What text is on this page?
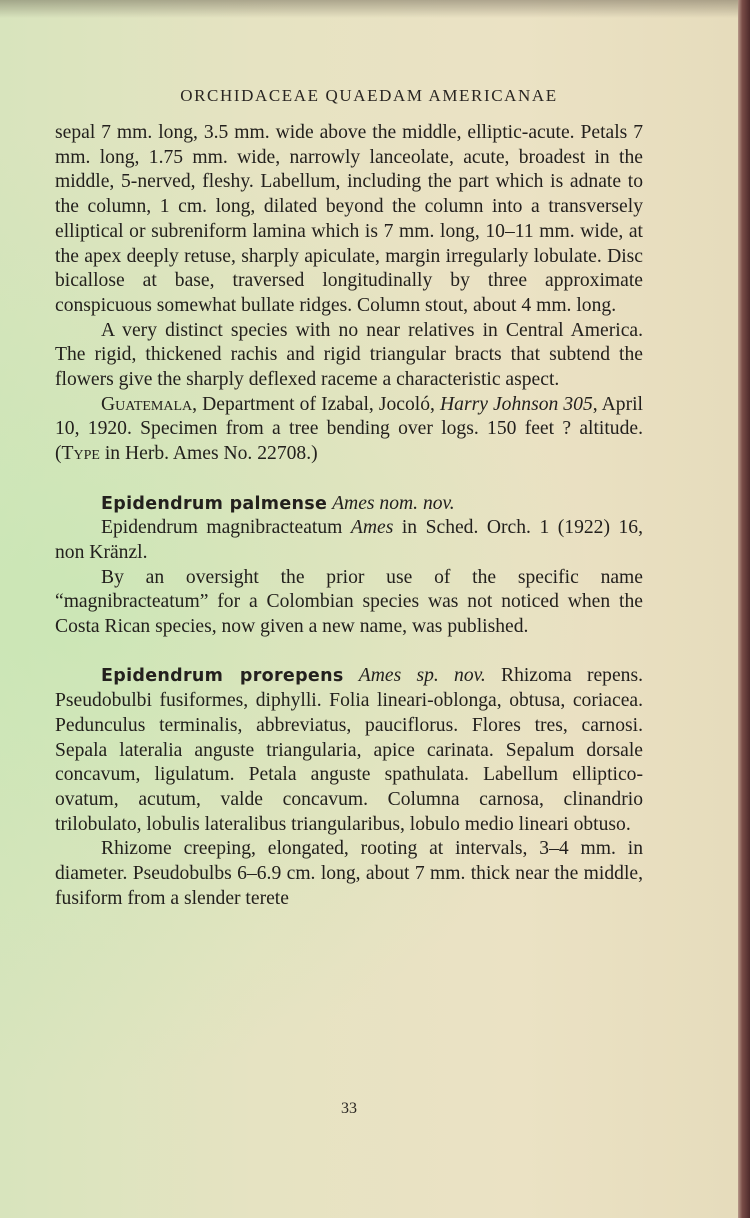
ORCHIDACEAE QUAEDAM AMERICANAE

sepal 7 mm. long, 3.5 mm. wide above the middle, elliptic-acute. Petals 7 mm. long, 1.75 mm. wide, narrowly lanceolate, acute, broadest in the middle, 5-nerved, fleshy. Labellum, including the part which is adnate to the column, 1 cm. long, dilated beyond the column into a transversely elliptical or subreniform lamina which is 7 mm. long, 10–11 mm. wide, at the apex deeply retuse, sharply apiculate, margin irregularly lobulate. Disc bicallose at base, traversed longitudinally by three approximate conspicuous somewhat bullate ridges. Column stout, about 4 mm. long.

A very distinct species with no near relatives in Central America. The rigid, thickened rachis and rigid triangular bracts that subtend the flowers give the sharply deflexed raceme a characteristic aspect.

Guatemala, Department of Izabal, Jocoló, Harry Johnson 305, April 10, 1920. Specimen from a tree bending over logs. 150 feet ? altitude. (Type in Herb. Ames No. 22708.)

Epidendrum palmense Ames nom. nov.

Epidendrum magnibracteatum Ames in Sched. Orch. 1 (1922) 16, non Kränzl.

By an oversight the prior use of the specific name “magnibracteatum” for a Colombian species was not noticed when the Costa Rican species, now given a new name, was published.

Epidendrum prorepens Ames sp. nov. Rhizoma repens. Pseudobulbi fusiformes, diphylli. Folia lineari-oblonga, obtusa, coriacea. Pedunculus terminalis, abbreviatus, pauciflorus. Flores tres, carnosi. Sepala lateralia anguste triangularia, apice carinata. Sepalum dorsale concavum, ligulatum. Petala anguste spathulata. Labellum elliptico-ovatum, acutum, valde concavum. Columna carnosa, clinandrio trilobulato, lobulis lateralibus triangularibus, lobulo medio lineari obtuso.

Rhizome creeping, elongated, rooting at intervals, 3–4 mm. in diameter. Pseudobulbs 6–6.9 cm. long, about 7 mm. thick near the middle, fusiform from a slender terete

33
